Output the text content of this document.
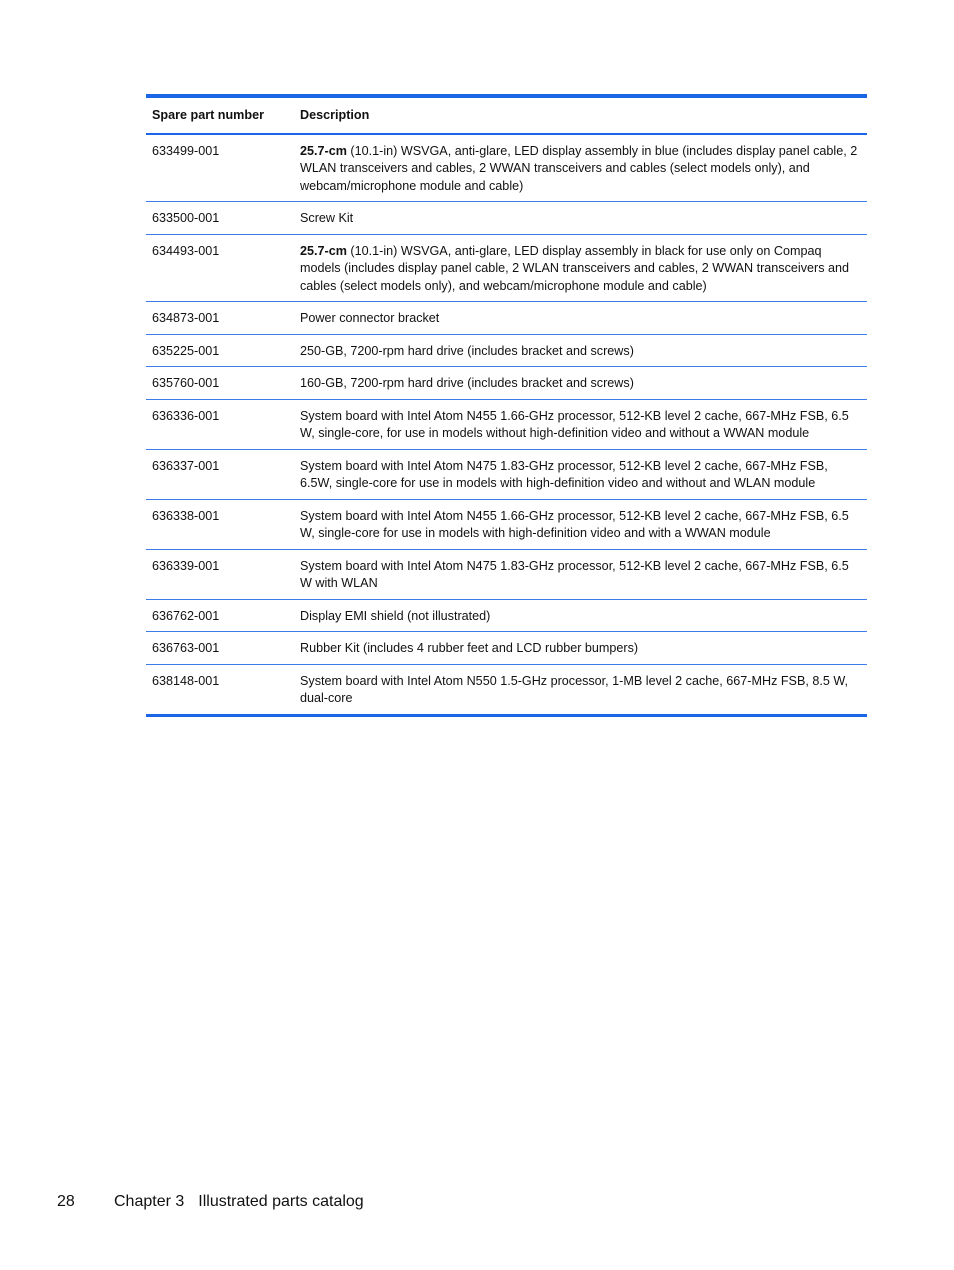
Spare part number	Description
633499-001	25.7-cm (10.1-in) WSVGA, anti-glare, LED display assembly in blue (includes display panel cable, 2 WLAN transceivers and cables, 2 WWAN transceivers and cables (select models only), and webcam/microphone module and cable)
633500-001	Screw Kit
634493-001	25.7-cm (10.1-in) WSVGA, anti-glare, LED display assembly in black for use only on Compaq models (includes display panel cable, 2 WLAN transceivers and cables, 2 WWAN transceivers and cables (select models only), and webcam/microphone module and cable)
634873-001	Power connector bracket
635225-001	250-GB, 7200-rpm hard drive (includes bracket and screws)
635760-001	160-GB, 7200-rpm hard drive (includes bracket and screws)
636336-001	System board with Intel Atom N455 1.66-GHz processor, 512-KB level 2 cache, 667-MHz FSB, 6.5 W, single-core, for use in models without high-definition video and without a WWAN module
636337-001	System board with Intel Atom N475 1.83-GHz processor, 512-KB level 2 cache, 667-MHz FSB, 6.5W, single-core for use in models with high-definition video and without and WLAN module
636338-001	System board with Intel Atom N455 1.66-GHz processor, 512-KB level 2 cache, 667-MHz FSB, 6.5 W, single-core for use in models with high-definition video and with a WWAN module
636339-001	System board with Intel Atom N475 1.83-GHz processor, 512-KB level 2 cache, 667-MHz FSB, 6.5 W with WLAN
636762-001	Display EMI shield (not illustrated)
636763-001	Rubber Kit (includes 4 rubber feet and LCD rubber bumpers)
638148-001	System board with Intel Atom N550 1.5-GHz processor, 1-MB level 2 cache, 667-MHz FSB, 8.5 W, dual-core
28 Chapter 3 Illustrated parts catalog
